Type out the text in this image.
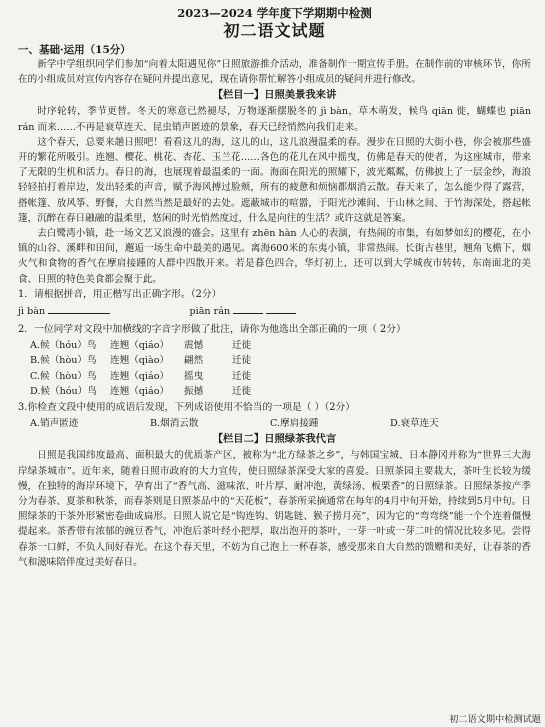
2023—2024 学年度下学期期中检测
初二语文试题
一、基础·运用（15分）

新学中学组织同学们参加“向着太阳遇见你”日照旅游推介活动，准备制作一期宣传手册。在制作前的审核环节，你所在的小组成员对宣传内容存在疑问并提出意见，现在请你帮忙解答小组成员的疑问并进行修改。

【栏目一】日照美景我来讲

时序轮转，季节更替。冬天的寒意已然褪尽，万物逐渐摆脱冬的 jì bàn，草木萌发，候鸟 qiān 徙，蝴蝶也 piān rán 而来……不再是衰草连天、昆虫销声匿迹的景象，春天已经悄然向我们走来。

这个春天，总要来趟日照吧！看看这儿的海，这儿的山，这儿浪漫温柔的春。漫步在日照的大街小巷，你会被那些盛开的繁花所吸引。连翘、樱花、桃花、杏花、玉兰花……各色的花儿在风中摇曳，仿佛是春天的使者，为这座城市，带来了无限的生机和活力。春日的海，也展现着最温柔的一面。海面在阳光的照耀下，波光粼粼，仿佛披上了一层金纱，海浪轻轻拍打着岸边，发出轻柔的声音，赋予海风搏过脸颊，所有的疲惫和烦恼都烟消云散。春天来了，怎么能少得了露营，搭帐篷、放风筝、野餐，大自然当然是最好的去处。遮蔽城市的喧嚣，于阳光沙滩间、于山林之间、于竹海深处，搭起帐篷，沉醉在春日融融的温柔里，悠闲的时光悄然度过，什么是向往的生活？或许这就是答案。

去白鹭湾小镇，赴一场文艺又浪漫的盛会。这里有 zhēn hàn 人心的表演，有热闹的市集，有如梦如幻的樱花，在小镇的山谷、溪畔和田间，邂逅一场生命中最美的遇见。离海600米的东夷小镇，非常热闹。长街古巷里，翘角飞檐下，烟火气和食物的香气在摩肩接踵的人群中四散开来。若是暮色四合，华灯初上，还可以到大学城夜市转转，东南面北的美食、日照的特色美食都会聚于此。

1．请根据拼音，用正楷写出正确字形。（2分）

jì bàn	piān rán

2．一位同学对文段中加横线的字音字形做了批注，请你为他选出全部正确的一项（ 2分）

A.候（hóu）鸟	连翘（qiáo）	震憾	迁徙
B.候（hòu）鸟	连翘（qiào）	翩然	迁徒
C.候（hòu）鸟	连翘（qiáo）	摇曳	迁徙
D.候（hóu）鸟	连翘（qiáo）	振撼	迁徙

3.你检查文段中使用的成语后发现，下列成语使用不恰当的一项是（ ）（2分）

A.销声匿迹	B.烟消云散	C.摩肩接踵	D.衰草连天
【栏目二】日照绿茶我代言

日照是我国纬度最高、面积最大的优质茶产区，被称为“北方绿茶之乡”，与韩国宝城、日本静冈并称为“世界三大海岸绿茶城市”。近年来，随着日照市政府的大力宣传，使日照绿茶深受大家的喜爱。日照茶园主要栽大，茶叶生长较为缓慢，在独特的海岸环境下，孕育出了“香气高、滋味浓、叶片厚、耐冲泡，黄绿汤、板栗香”的日照绿茶。日照绿茶按产季分为春茶、夏茶和秋茶，而春茶则是日照茶品中的“天花板”，春茶所采摘通常在每年的4月中旬开始，持续到5月中旬。日照绿茶的干茶外形紧密卷曲成扁形。日照人说它是“钩连钩、钥匙链、猴子捞月亮”，因为它的“弯弯绕”能一个个连着僵慢提起来。茶香带有浓郁的豌豆香气，冲泡后茶叶经小把厚，取出泡开的茶叶，一芽一叶或一芽二叶的情况比较多见。尝得春茶一口鲜，不负人间好春光。在这个春天里，不妨为自己泡上一杯春茶，感受那来自大自然的馈赠和美好，让春茶的香气和滋味陪伴度过美好春日。

初二语文期中检测试题
